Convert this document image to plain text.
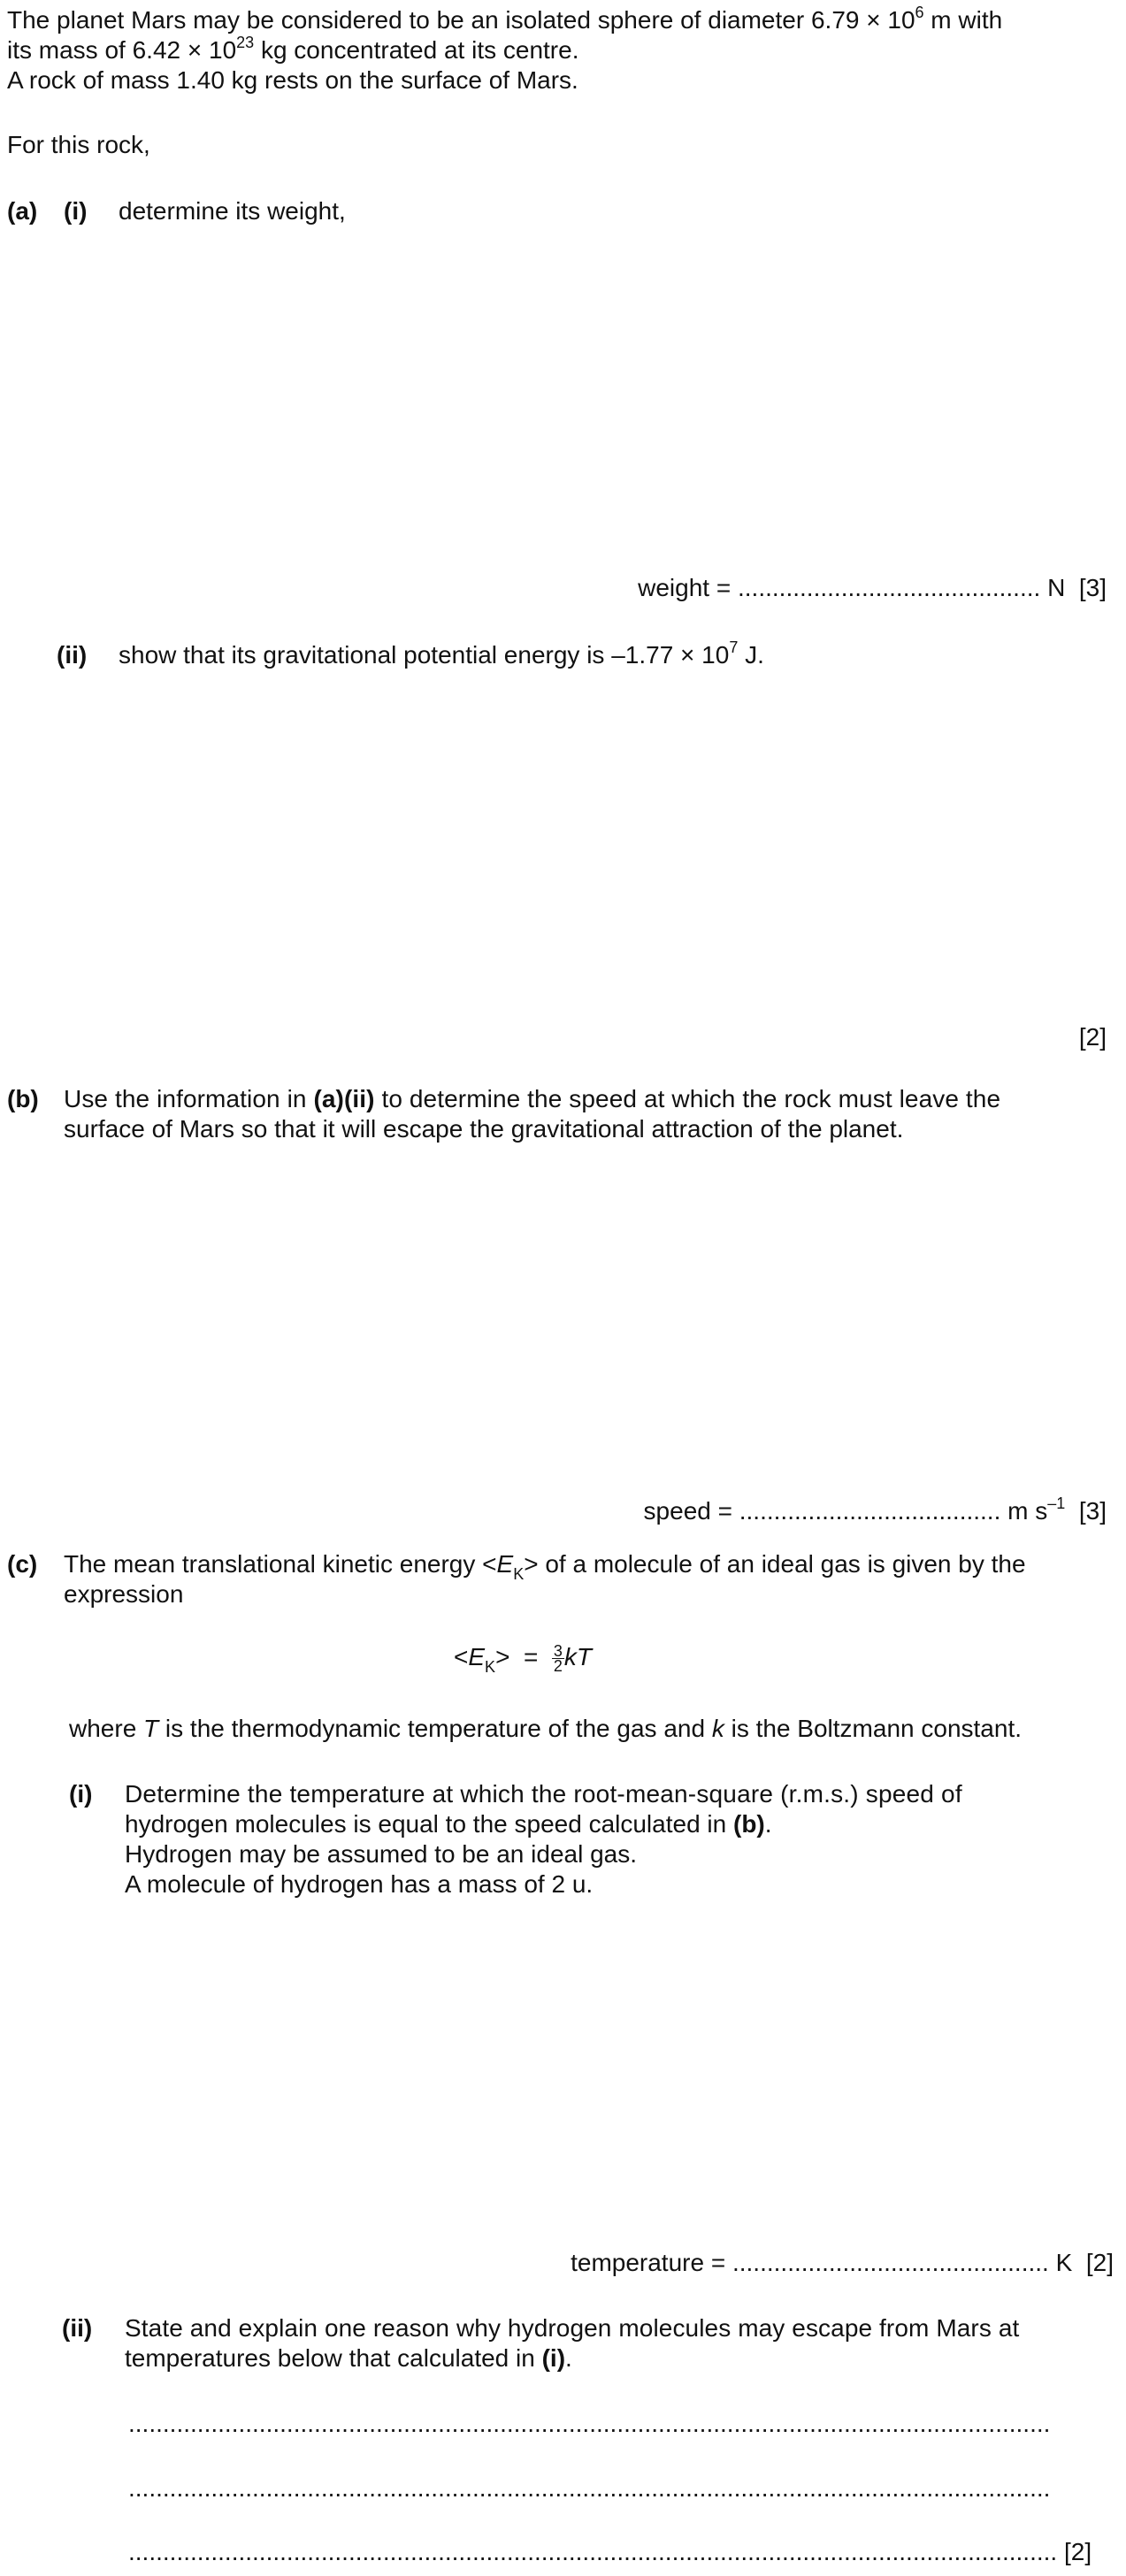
The planet Mars may be considered to be an isolated sphere of diameter $6.79 \times 10^6$ m with
its mass of $6.42 \times 10^{23}$ kg concentrated at its centre.
A rock of mass 1.40 kg rests on the surface of Mars.
For this rock,
(a) (i) determine its weight,
weight = ............................................ N [3]
(ii) show that its gravitational potential energy is $-1.77 \times 10^7$ J.
[2]
(b) Use the information in (a)(ii) to determine the speed at which the rock must leave the
surface of Mars so that it will escape the gravitational attraction of the planet.
speed = ...................................... m $s^{-1}$ [3]
(c) The mean translational kinetic energy $<E_K>$ of a molecule of an ideal gas is given by the
expression
$<E_K> = \frac{3}{2}$ kT
where T is the thermodynamic temperature of the gas and k is the Boltzmann constant.
(i) Determine the temperature at which the root-mean-square (r.m.s.) speed of
hydrogen molecules is equal to the speed calculated in (b).
Hydrogen may be assumed to be an ideal gas.
A molecule of hydrogen has a mass of 2 u.
temperature = .............................................. K [2]
(ii) State and explain one reason why hydrogen molecules may escape from Mars at
temperatures below that calculated in (i).
......................................................................................................................................
......................................................................................................................................
....................................................................................................................................... [2]
